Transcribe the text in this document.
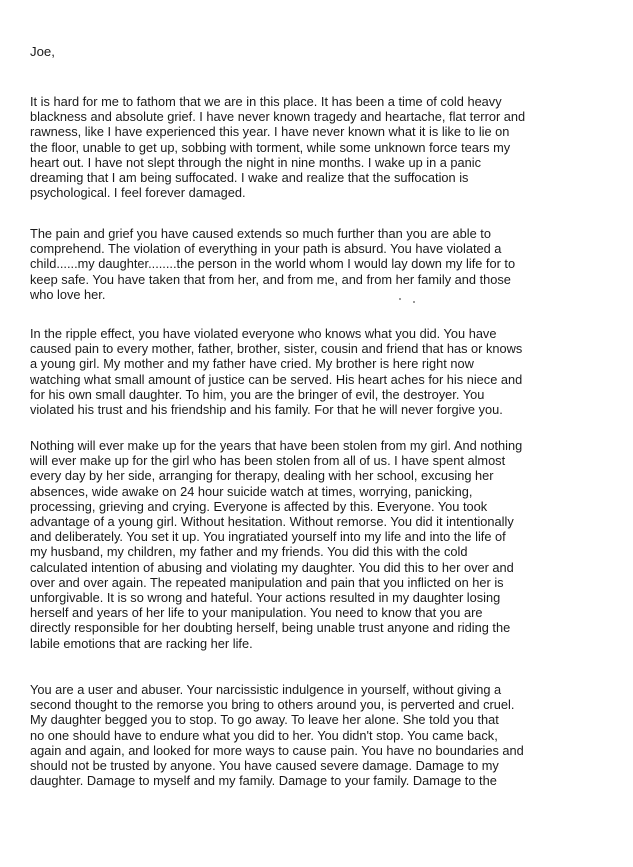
Joe,

It is hard for me to fathom that we are in this place. It has been a time of cold heavy
blackness and absolute grief. I have never known tragedy and heartache, flat terror and
rawness, like I have experienced this year. I have never known what it is like to lie on
the floor, unable to get up, sobbing with torment, while some unknown force tears my
heart out. I have not slept through the night in nine months. I wake up in a panic
dreaming that I am being suffocated. I wake and realize that the suffocation is
psychological. I feel forever damaged.

The pain and grief you have caused extends so much further than you are able to
comprehend. The violation of everything in your path is absurd. You have violated a
child......my daughter........the person in the world whom I would lay down my life for to
keep safe. You have taken that from her, and from me, and from her family and those
who love her.

In the ripple effect, you have violated everyone who knows what you did. You have
caused pain to every mother, father, brother, sister, cousin and friend that has or knows
a young girl. My mother and my father have cried. My brother is here right now
watching what small amount of justice can be served. His heart aches for his niece and
for his own small daughter. To him, you are the bringer of evil, the destroyer. You
violated his trust and his friendship and his family. For that he will never forgive you.

Nothing will ever make up for the years that have been stolen from my girl. And nothing
will ever make up for the girl who has been stolen from all of us. I have spent almost
every day by her side, arranging for therapy, dealing with her school, excusing her
absences, wide awake on 24 hour suicide watch at times, worrying, panicking,
processing, grieving and crying. Everyone is affected by this. Everyone. You took
advantage of a young girl. Without hesitation. Without remorse. You did it intentionally
and deliberately. You set it up. You ingratiated yourself into my life and into the life of
my husband, my children, my father and my friends. You did this with the cold
calculated intention of abusing and violating my daughter. You did this to her over and
over and over again. The repeated manipulation and pain that you inflicted on her is
unforgivable. It is so wrong and hateful. Your actions resulted in my daughter losing
herself and years of her life to your manipulation. You need to know that you are
directly responsible for her doubting herself, being unable trust anyone and riding the
labile emotions that are racking her life.

You are a user and abuser. Your narcissistic indulgence in yourself, without giving a
second thought to the remorse you bring to others around you, is perverted and cruel.
My daughter begged you to stop. To go away. To leave her alone. She told you that
no one should have to endure what you did to her. You didn't stop. You came back,
again and again, and looked for more ways to cause pain. You have no boundaries and
should not be trusted by anyone. You have caused severe damage. Damage to my
daughter. Damage to myself and my family. Damage to your family. Damage to the
